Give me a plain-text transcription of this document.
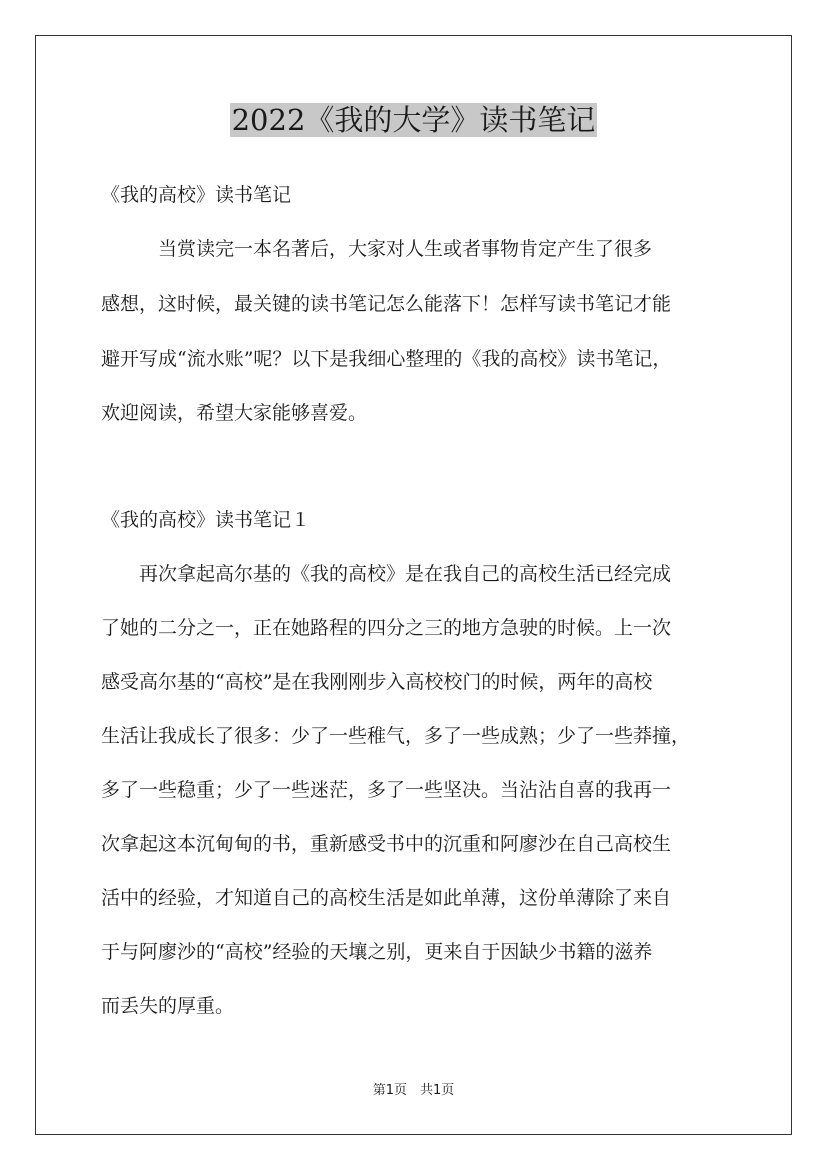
2022《我的大学》读书笔记
《我的高校》读书笔记
　　　当赏读完一本名著后，大家对人生或者事物肯定产生了很多
感想，这时候，最关键的读书笔记怎么能落下！怎样写读书笔记才能
避开写成“流水账”呢？以下是我细心整理的《我的高校》读书笔记，
欢迎阅读，希望大家能够喜爱。
《我的高校》读书笔记１
　　再次拿起高尔基的《我的高校》是在我自己的高校生活已经完成
了她的二分之一，正在她路程的四分之三的地方急驶的时候。上一次
感受高尔基的“高校”是在我刚刚步入高校校门的时候，两年的高校
生活让我成长了很多：少了一些稚气，多了一些成熟；少了一些莽撞，
多了一些稳重；少了一些迷茫，多了一些坚决。当沾沾自喜的我再一
次拿起这本沉甸甸的书，重新感受书中的沉重和阿廖沙在自己高校生
活中的经验，才知道自己的高校生活是如此单薄，这份单薄除了来自
于与阿廖沙的“高校”经验的天壤之别，更来自于因缺少书籍的滋养
而丢失的厚重。
第1页　共1页
